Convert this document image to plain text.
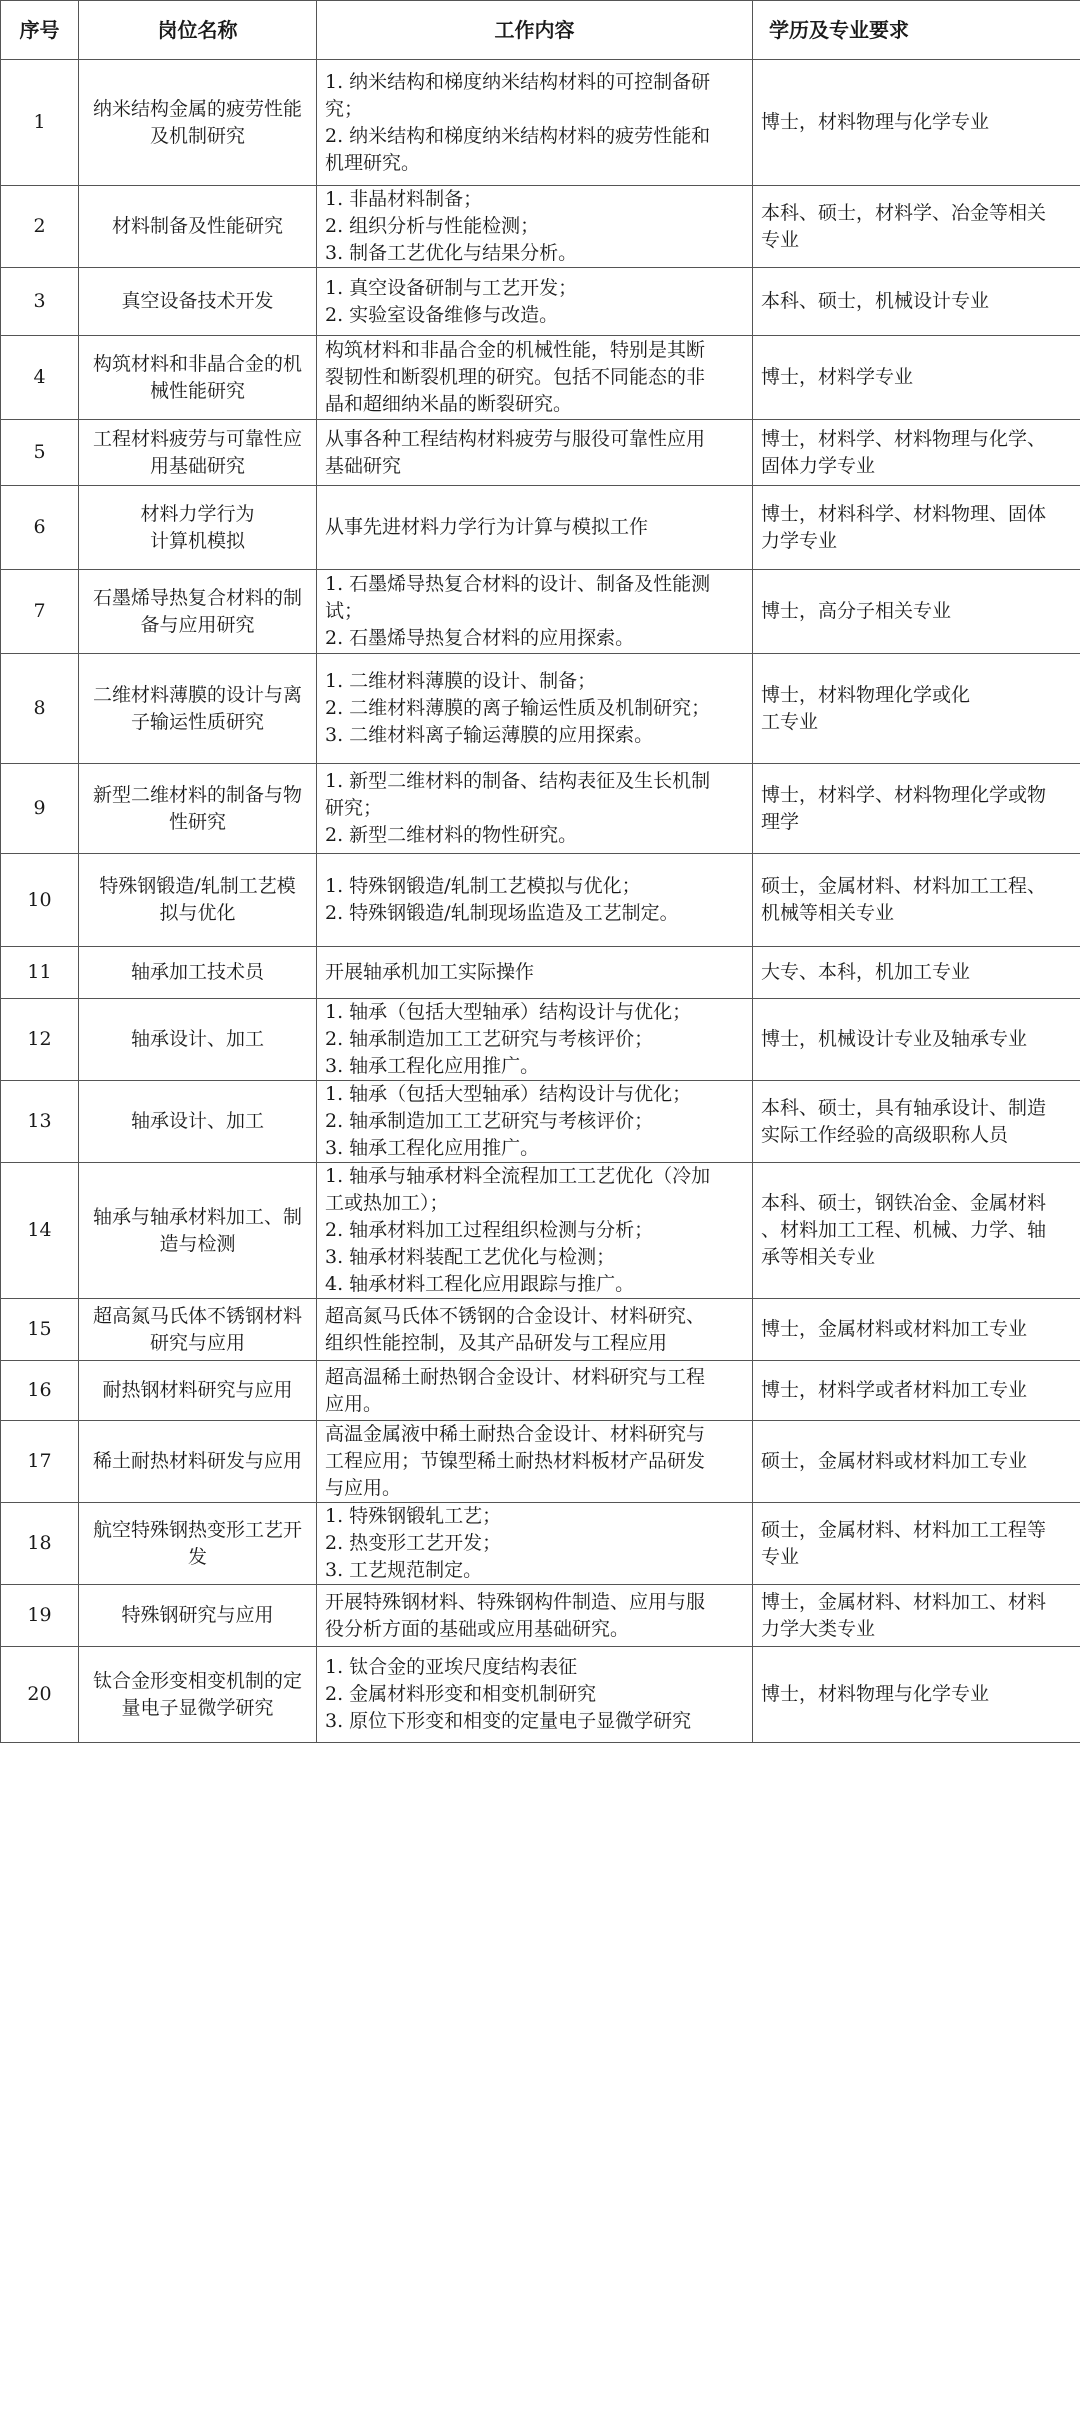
序号	岗位名称	工作内容	学历及专业要求

1	纳米结构金属的疲劳性能
及机制研究	1. 纳米结构和梯度纳米结构材料的可控制备研
究；
2. 纳米结构和梯度纳米结构材料的疲劳性能和
机理研究。	博士，材料物理与化学专业

2	材料制备及性能研究	1. 非晶材料制备；
2. 组织分析与性能检测；
3. 制备工艺优化与结果分析。	本科、硕士，材料学、冶金等相关
专业

3	真空设备技术开发	1. 真空设备研制与工艺开发；
2. 实验室设备维修与改造。	本科、硕士，机械设计专业

4	构筑材料和非晶合金的机
械性能研究	构筑材料和非晶合金的机械性能，特别是其断
裂韧性和断裂机理的研究。包括不同能态的非
晶和超细纳米晶的断裂研究。	博士，材料学专业

5	工程材料疲劳与可靠性应
用基础研究	从事各种工程结构材料疲劳与服役可靠性应用
基础研究	博士，材料学、材料物理与化学、
固体力学专业

6	材料力学行为
计算机模拟	从事先进材料力学行为计算与模拟工作	博士，材料科学、材料物理、固体
力学专业

7	石墨烯导热复合材料的制
备与应用研究	1. 石墨烯导热复合材料的设计、制备及性能测
试；
2. 石墨烯导热复合材料的应用探索。	博士，高分子相关专业

8	二维材料薄膜的设计与离
子输运性质研究	1. 二维材料薄膜的设计、制备；
2. 二维材料薄膜的离子输运性质及机制研究；
3. 二维材料离子输运薄膜的应用探索。	博士，材料物理化学或化
工专业

9	新型二维材料的制备与物
性研究	1. 新型二维材料的制备、结构表征及生长机制
研究；
2. 新型二维材料的物性研究。	博士，材料学、材料物理化学或物
理学

10	特殊钢锻造/轧制工艺模
拟与优化	1. 特殊钢锻造/轧制工艺模拟与优化；
2. 特殊钢锻造/轧制现场监造及工艺制定。	硕士，金属材料、材料加工工程、
机械等相关专业

11	轴承加工技术员	开展轴承机加工实际操作	大专、本科，机加工专业

12	轴承设计、加工	1. 轴承（包括大型轴承）结构设计与优化；
2. 轴承制造加工工艺研究与考核评价；
3. 轴承工程化应用推广。	博士，机械设计专业及轴承专业

13	轴承设计、加工	1. 轴承（包括大型轴承）结构设计与优化；
2. 轴承制造加工工艺研究与考核评价；
3. 轴承工程化应用推广。	本科、硕士，具有轴承设计、制造
实际工作经验的高级职称人员

14	轴承与轴承材料加工、制
造与检测	1. 轴承与轴承材料全流程加工工艺优化（冷加
工或热加工）；
2. 轴承材料加工过程组织检测与分析；
3. 轴承材料装配工艺优化与检测；
4. 轴承材料工程化应用跟踪与推广。	本科、硕士，钢铁冶金、金属材料
、材料加工工程、机械、力学、轴
承等相关专业

15	超高氮马氏体不锈钢材料
研究与应用	超高氮马氏体不锈钢的合金设计、材料研究、
组织性能控制，及其产品研发与工程应用	博士，金属材料或材料加工专业

16	耐热钢材料研究与应用	超高温稀土耐热钢合金设计、材料研究与工程
应用。	博士，材料学或者材料加工专业

17	稀土耐热材料研发与应用	高温金属液中稀土耐热合金设计、材料研究与
工程应用；节镍型稀土耐热材料板材产品研发
与应用。	硕士，金属材料或材料加工专业

18	航空特殊钢热变形工艺开
发	1. 特殊钢锻轧工艺；
2. 热变形工艺开发；
3. 工艺规范制定。	硕士，金属材料、材料加工工程等
专业

19	特殊钢研究与应用	开展特殊钢材料、特殊钢构件制造、应用与服
役分析方面的基础或应用基础研究。	博士，金属材料、材料加工、材料
力学大类专业

20	钛合金形变相变机制的定
量电子显微学研究	1. 钛合金的亚埃尺度结构表征
2. 金属材料形变和相变机制研究
3. 原位下形变和相变的定量电子显微学研究	博士，材料物理与化学专业
